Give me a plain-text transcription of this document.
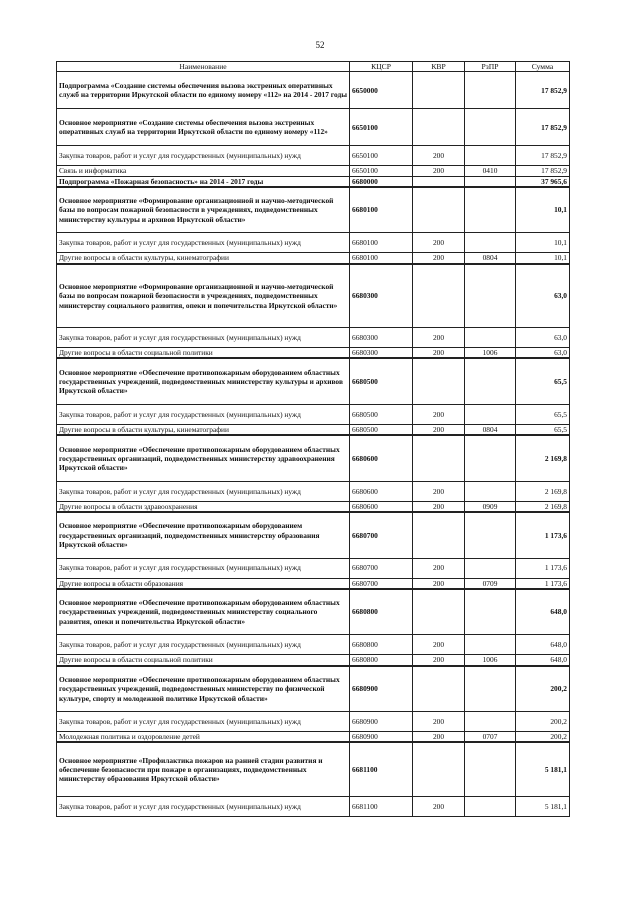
52
Наименование	КЦСР	КВР	РзПР	Сумма
Подпрограмма «Создание системы обеспечения вызова экстренных оперативных служб на территории Иркутской области по единому номеру «112» на 2014 - 2017 годы	6650000			17 852,9
Основное мероприятие «Создание системы обеспечения вызова экстренных оперативных служб на территории Иркутской области по единому номеру «112»	6650100			17 852,9
Закупка товаров, работ и услуг для государственных (муниципальных) нужд	6650100	200		17 852,9
Связь и информатика	6650100	200	0410	17 852,9
Подпрограмма «Пожарная безопасность» на 2014 - 2017 годы	6680000			37 965,6
Основное мероприятие «Формирование организационной и научно-методической базы по вопросам пожарной безопасности в учреждениях, подведомственных министерству культуры и архивов Иркутской области»	6680100			10,1
Закупка товаров, работ и услуг для государственных (муниципальных) нужд	6680100	200		10,1
Другие вопросы в области культуры, кинематографии	6680100	200	0804	10,1
Основное мероприятие «Формирование организационной и научно-методической базы по вопросам пожарной безопасности в учреждениях, подведомственных министерству социального развития, опеки и попечительства Иркутской области»	6680300			63,0
Закупка товаров, работ и услуг для государственных (муниципальных) нужд	6680300	200		63,0
Другие вопросы в области социальной политики	6680300	200	1006	63,0
Основное мероприятие «Обеспечение противопожарным оборудованием областных государственных учреждений, подведомственных министерству культуры и архивов Иркутской области»	6680500			65,5
Закупка товаров, работ и услуг для государственных (муниципальных) нужд	6680500	200		65,5
Другие вопросы в области культуры, кинематографии	6680500	200	0804	65,5
Основное мероприятие «Обеспечение противопожарным оборудованием областных государственных организаций, подведомственных министерству здравоохранения Иркутской области»	6680600			2 169,8
Закупка товаров, работ и услуг для государственных (муниципальных) нужд	6680600	200		2 169,8
Другие вопросы в области здравоохранения	6680600	200	0909	2 169,8
Основное мероприятие «Обеспечение противопожарным оборудованием государственных организаций, подведомственных министерству образования Иркутской области»	6680700			1 173,6
Закупка товаров, работ и услуг для государственных (муниципальных) нужд	6680700	200		1 173,6
Другие вопросы в области образования	6680700	200	0709	1 173,6
Основное мероприятие «Обеспечение противопожарным оборудованием областных государственных учреждений, подведомственных министерству социального развития, опеки и попечительства Иркутской области»	6680800			648,0
Закупка товаров, работ и услуг для государственных (муниципальных) нужд	6680800	200		648,0
Другие вопросы в области социальной политики	6680800	200	1006	648,0
Основное мероприятие «Обеспечение противопожарным оборудованием областных государственных учреждений, подведомственных министерству по физической культуре, спорту и молодежной политике Иркутской области»	6680900			200,2
Закупка товаров, работ и услуг для государственных (муниципальных) нужд	6680900	200		200,2
Молодежная политика и оздоровление детей	6680900	200	0707	200,2
Основное мероприятие «Профилактика пожаров на ранней стадии развития и обеспечение безопасности при пожаре в организациях, подведомственных министерству образования Иркутской области»	6681100			5 181,1
Закупка товаров, работ и услуг для государственных (муниципальных) нужд	6681100	200		5 181,1
